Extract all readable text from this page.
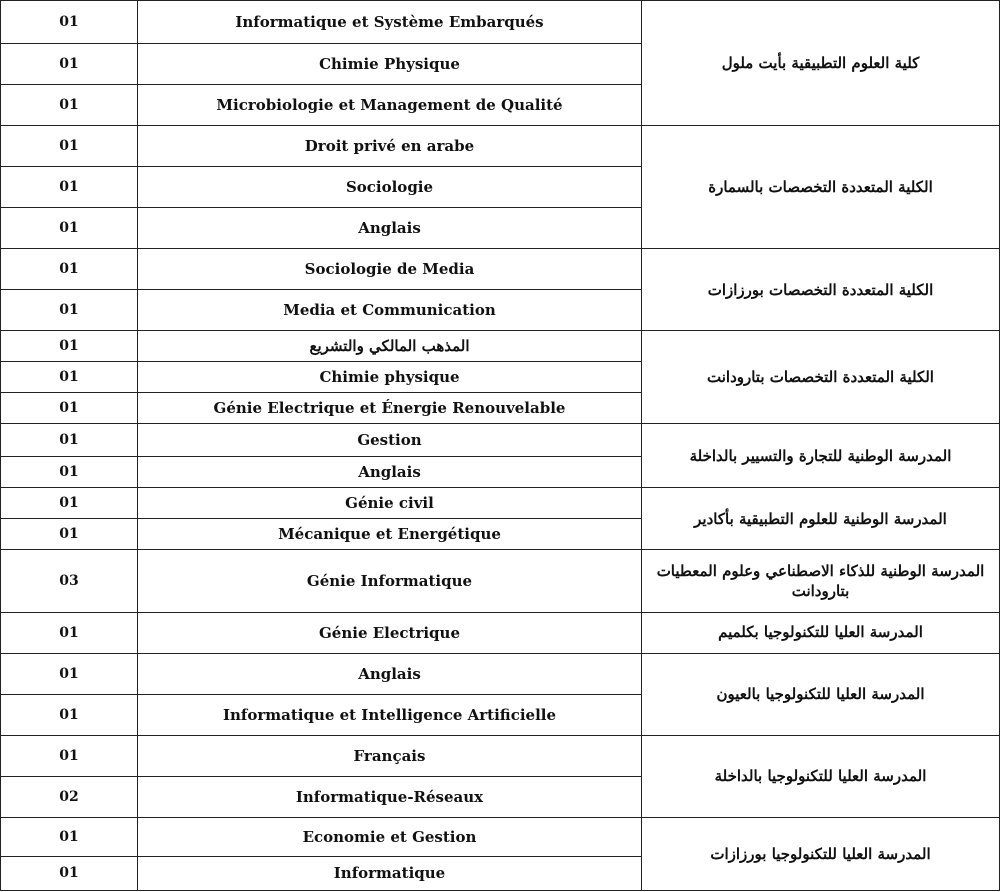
01	Informatique et Système Embarqués	كلية العلوم التطبيقية بأيت ملول
01	Chimie Physique	
01	Microbiologie et Management de Qualité	
01	Droit privé en arabe	الكلية المتعددة التخصصات بالسمارة
01	Sociologie	
01	Anglais	
01	Sociologie de Media	الكلية المتعددة التخصصات بورزازات
01	Media et Communication	
01	المذهب المالكي والتشريع	الكلية المتعددة التخصصات بتارودانت
01	Chimie physique	
01	Génie Electrique et Énergie Renouvelable	
01	Gestion	المدرسة الوطنية للتجارة والتسيير بالداخلة
01	Anglais	
01	Génie civil	المدرسة الوطنية للعلوم التطبيقية بأكادير
01	Mécanique et Energétique	
03	Génie Informatique	المدرسة الوطنية للذكاء الاصطناعي وعلوم المعطيات بتارودانت
01	Génie Electrique	المدرسة العليا للتكنولوجيا بكلميم
01	Anglais	المدرسة العليا للتكنولوجيا بالعيون
01	Informatique et Intelligence Artificielle	
01	Français	المدرسة العليا للتكنولوجيا بالداخلة
02	Informatique-Réseaux	
01	Economie et Gestion	المدرسة العليا للتكنولوجيا بورزازات
01	Informatique	
